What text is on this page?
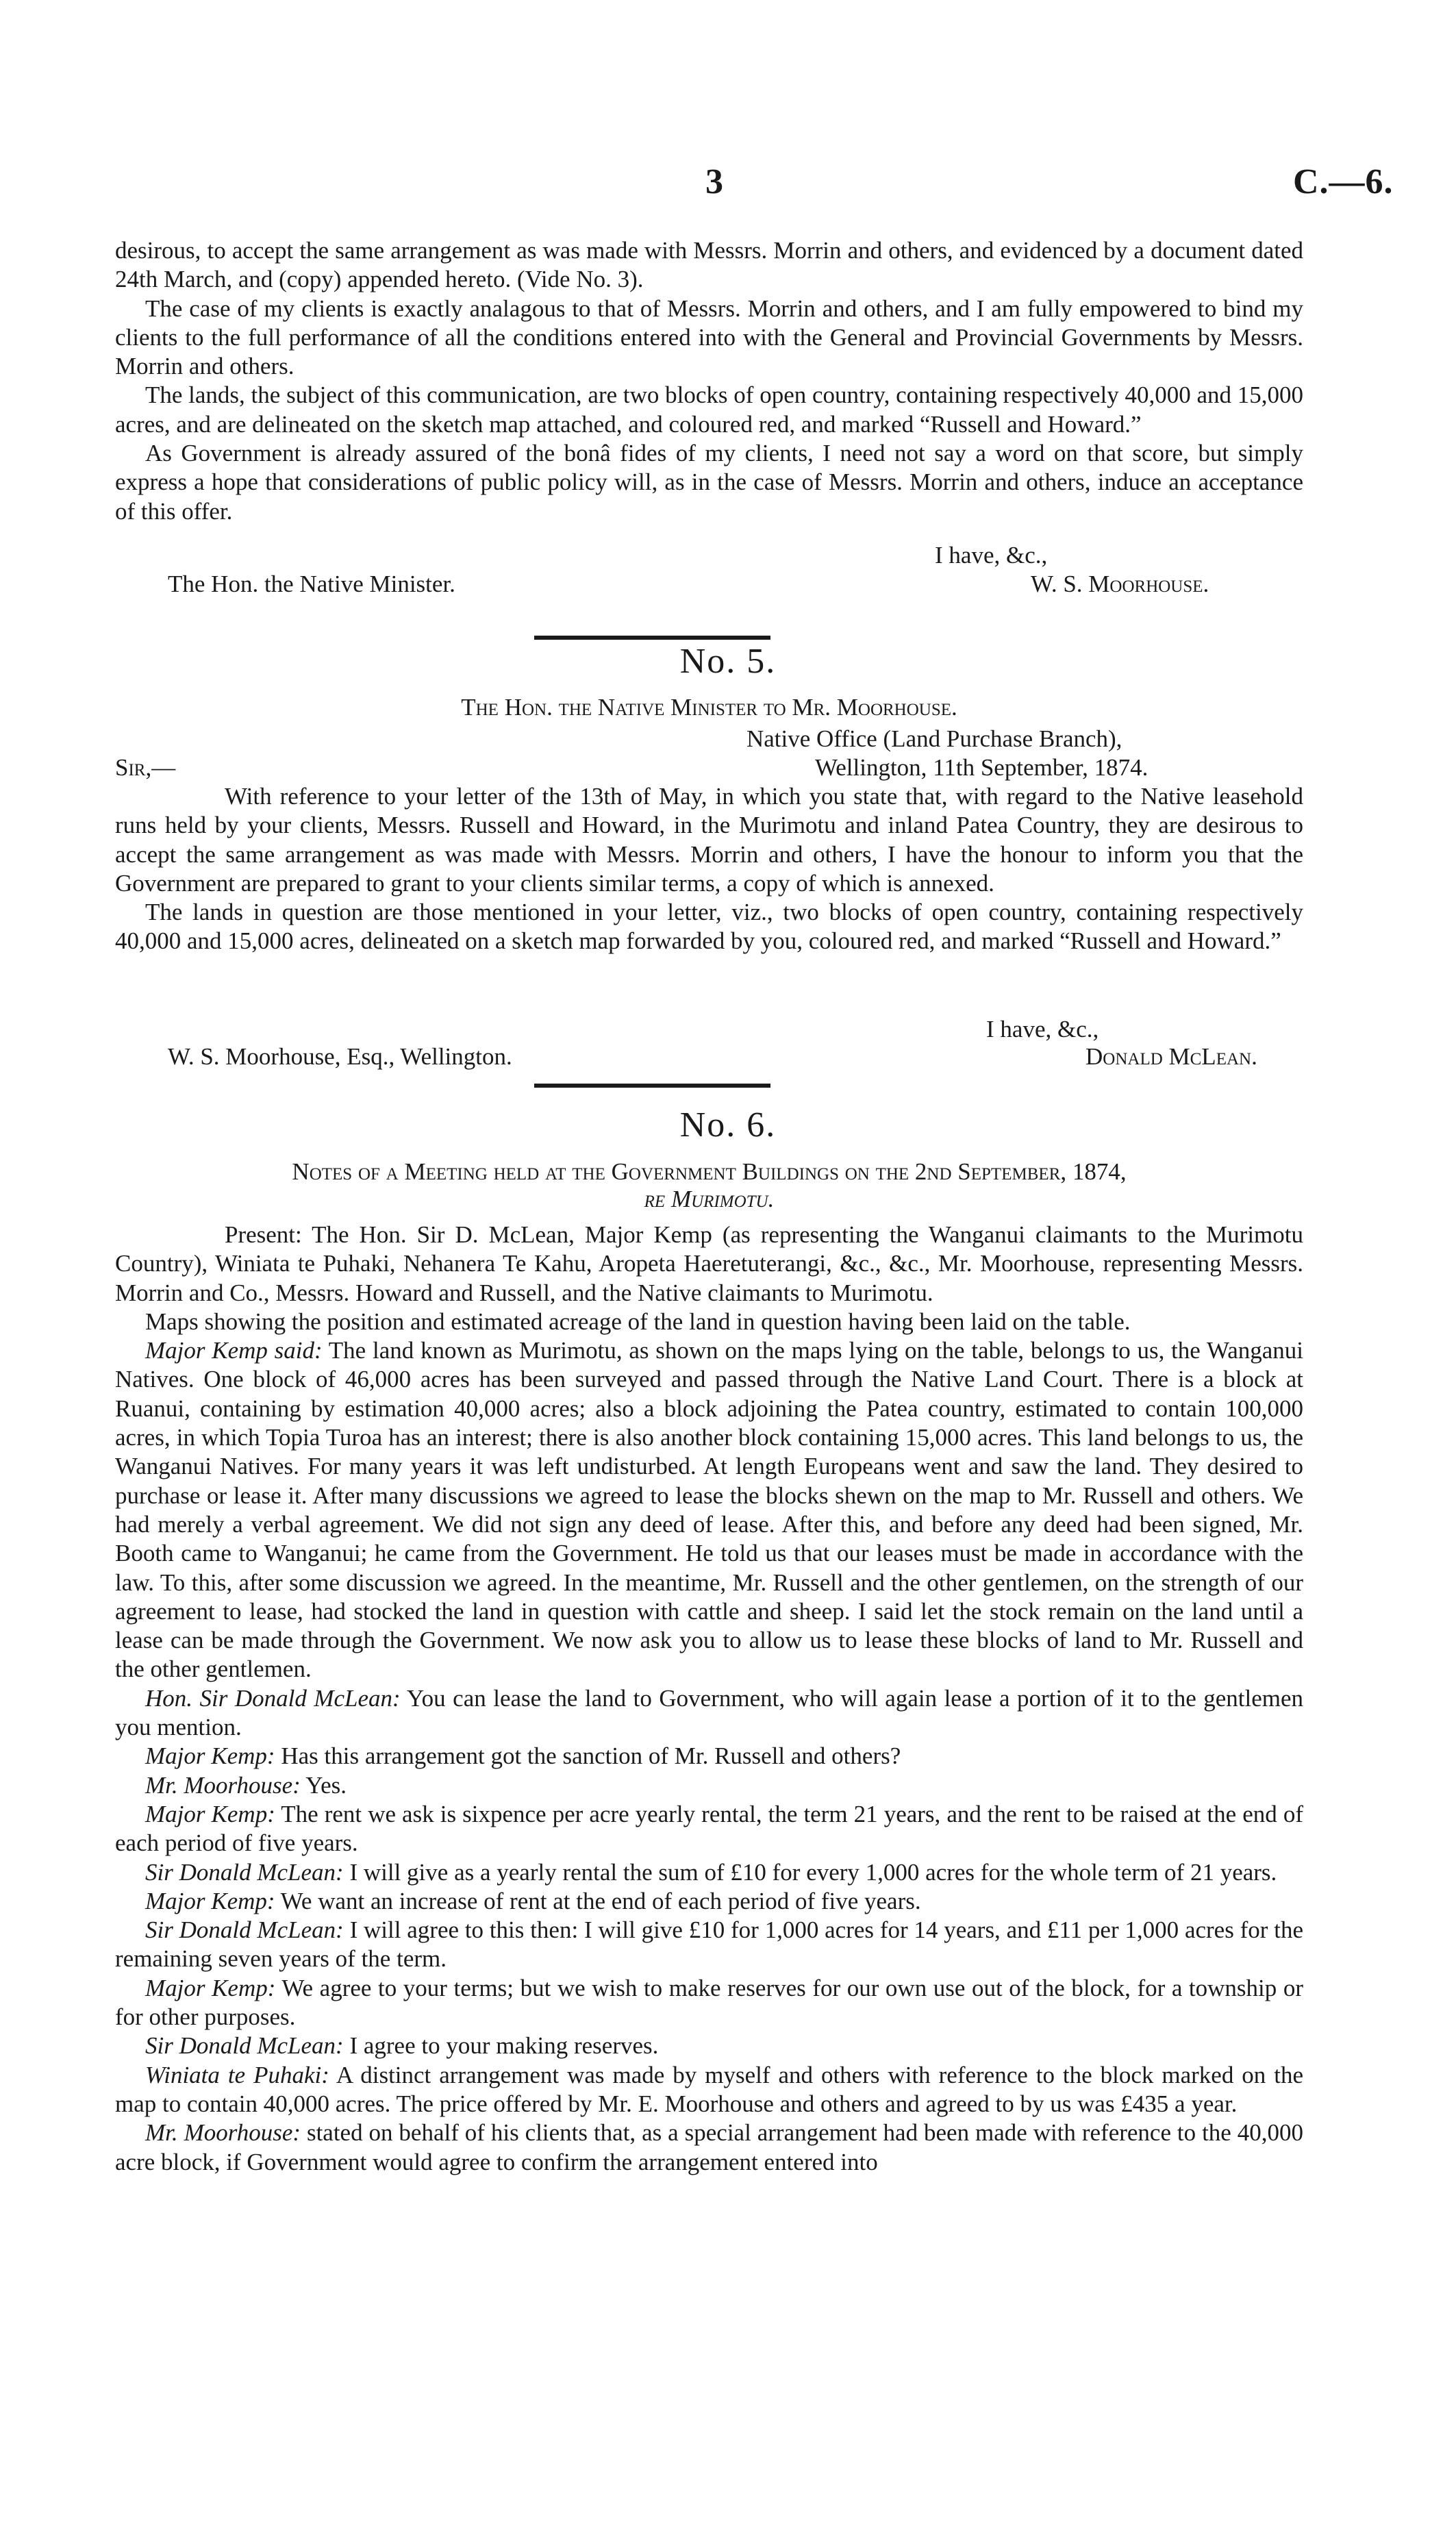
3	C.—6.

desirous, to accept the same arrangement as was made with Messrs. Morrin and others, and evidenced by a document dated 24th March, and (copy) appended hereto. (Vide No. 3).

The case of my clients is exactly analagous to that of Messrs. Morrin and others, and I am fully empowered to bind my clients to the full performance of all the conditions entered into with the General and Provincial Governments by Messrs. Morrin and others.

The lands, the subject of this communication, are two blocks of open country, containing respectively 40,000 and 15,000 acres, and are delineated on the sketch map attached, and coloured red, and marked “Russell and Howard.”

As Government is already assured of the bonâ fides of my clients, I need not say a word on that score, but simply express a hope that considerations of public policy will, as in the case of Messrs. Morrin and others, induce an acceptance of this offer.

I have, &c.,
The Hon. the Native Minister.	W. S. Moorhouse.
No. 5.
The Hon. the Native Minister to Mr. Moorhouse.
Native Office (Land Purchase Branch),
Sir,—	Wellington, 11th September, 1874.

With reference to your letter of the 13th of May, in which you state that, with regard to the Native leasehold runs held by your clients, Messrs. Russell and Howard, in the Murimotu and inland Patea Country, they are desirous to accept the same arrangement as was made with Messrs. Morrin and others, I have the honour to inform you that the Government are prepared to grant to your clients similar terms, a copy of which is annexed.

The lands in question are those mentioned in your letter, viz., two blocks of open country, containing respectively 40,000 and 15,000 acres, delineated on a sketch map forwarded by you, coloured red, and marked “Russell and Howard.”

I have, &c.,
W. S. Moorhouse, Esq., Wellington.	Donald McLean.
No. 6.
Notes of a Meeting held at the Government Buildings on the 2nd September, 1874,
re Murimotu.

Present: The Hon. Sir D. McLean, Major Kemp (as representing the Wanganui claimants to the Murimotu Country), Winiata te Puhaki, Nehanera Te Kahu, Aropeta Haeretuterangi, &c., &c., Mr. Moorhouse, representing Messrs. Morrin and Co., Messrs. Howard and Russell, and the Native claimants to Murimotu.

Maps showing the position and estimated acreage of the land in question having been laid on the table.

Major Kemp said: The land known as Murimotu, as shown on the maps lying on the table, belongs to us, the Wanganui Natives. One block of 46,000 acres has been surveyed and passed through the Native Land Court. There is a block at Ruanui, containing by estimation 40,000 acres; also a block adjoining the Patea country, estimated to contain 100,000 acres, in which Topia Turoa has an interest; there is also another block containing 15,000 acres. This land belongs to us, the Wanganui Natives. For many years it was left undisturbed. At length Europeans went and saw the land. They desired to purchase or lease it. After many discussions we agreed to lease the blocks shewn on the map to Mr. Russell and others. We had merely a verbal agreement. We did not sign any deed of lease. After this, and before any deed had been signed, Mr. Booth came to Wanganui; he came from the Government. He told us that our leases must be made in accordance with the law. To this, after some discussion we agreed. In the meantime, Mr. Russell and the other gentlemen, on the strength of our agreement to lease, had stocked the land in question with cattle and sheep. I said let the stock remain on the land until a lease can be made through the Government. We now ask you to allow us to lease these blocks of land to Mr. Russell and the other gentlemen.

Hon. Sir Donald McLean: You can lease the land to Government, who will again lease a portion of it to the gentlemen you mention.

Major Kemp: Has this arrangement got the sanction of Mr. Russell and others?

Mr. Moorhouse: Yes.

Major Kemp: The rent we ask is sixpence per acre yearly rental, the term 21 years, and the rent to be raised at the end of each period of five years.

Sir Donald McLean: I will give as a yearly rental the sum of £10 for every 1,000 acres for the whole term of 21 years.

Major Kemp: We want an increase of rent at the end of each period of five years.

Sir Donald McLean: I will agree to this then: I will give £10 for 1,000 acres for 14 years, and £11 per 1,000 acres for the remaining seven years of the term.

Major Kemp: We agree to your terms; but we wish to make reserves for our own use out of the block, for a township or for other purposes.

Sir Donald McLean: I agree to your making reserves.

Winiata te Puhaki: A distinct arrangement was made by myself and others with reference to the block marked on the map to contain 40,000 acres. The price offered by Mr. E. Moorhouse and others and agreed to by us was £435 a year.

Mr. Moorhouse: stated on behalf of his clients that, as a special arrangement had been made with reference to the 40,000 acre block, if Government would agree to confirm the arrangement entered into
